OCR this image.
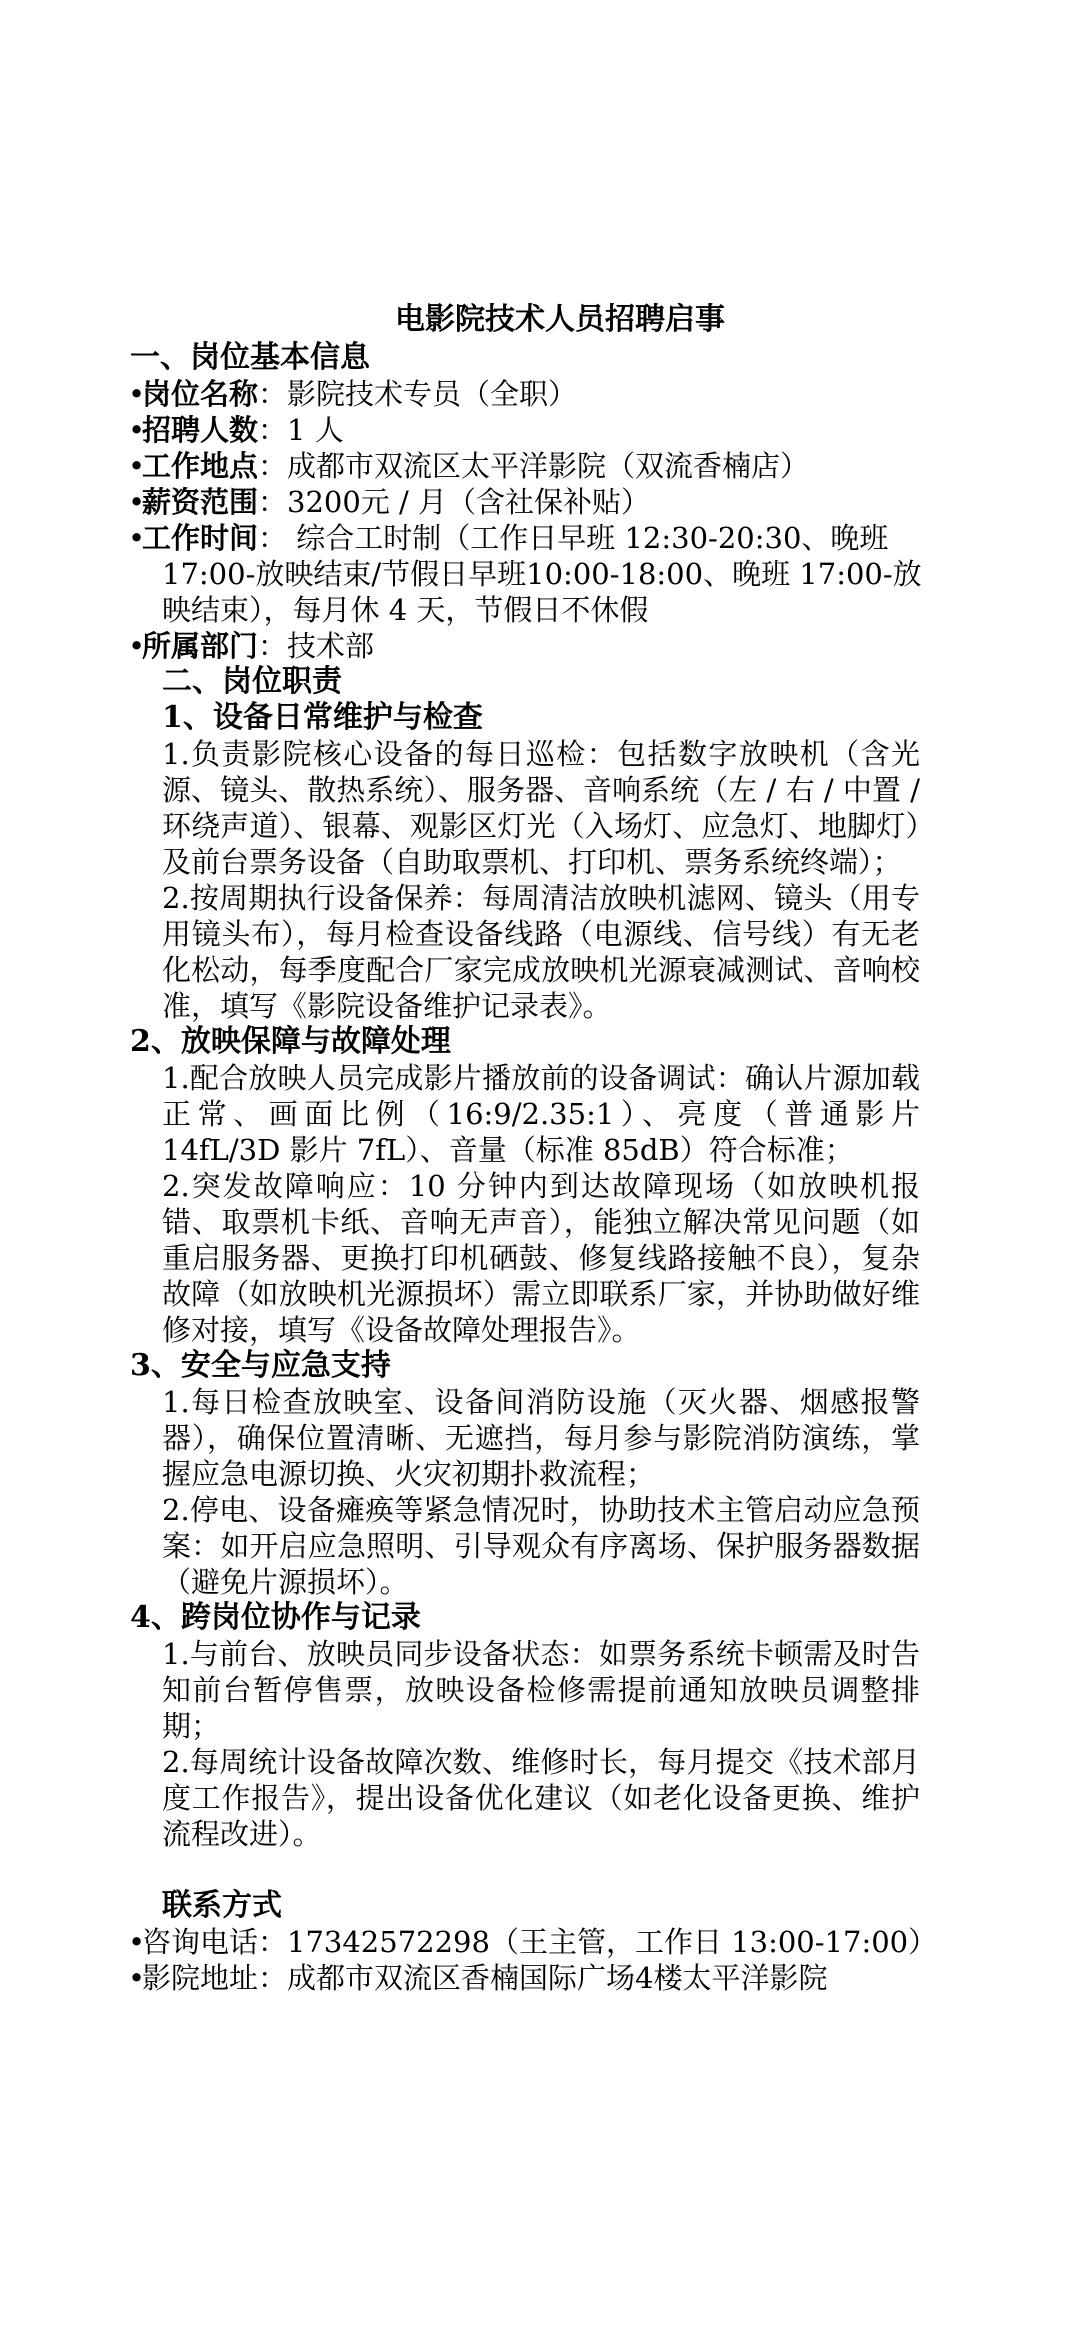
电影院技术人员招聘启事

一、岗位基本信息

•
岗位名称：影院技术专员（全职）
•
招聘人数：1 人
•
工作地点：成都市双流区太平洋影院（双流香楠店）
•
薪资范围：3200元 / 月（含社保补贴）
•
工作时间： 综合工时制（工作日早班 12:30-20:30、晚班 17:00-放映结束/节假日早班10:00-18:00、晚班 17:00-放映结束），每月休 4 天，节假日不休假
•
所属部门：技术部

二、岗位职责

1、设备日常维护与检查

1.负责影院核心设备的每日巡检：包括数字放映机（含光源、镜头、散热系统）、服务器、音响系统（左 / 右 / 中置 / 环绕声道）、银幕、观影区灯光（入场灯、应急灯、地脚灯）及前台票务设备（自助取票机、打印机、票务系统终端）；

2.按周期执行设备保养：每周清洁放映机滤网、镜头（用专用镜头布），每月检查设备线路（电源线、信号线）有无老化松动，每季度配合厂家完成放映机光源衰减测试、音响校准，填写《影院设备维护记录表》。

2、放映保障与故障处理

1.配合放映人员完成影片播放前的设备调试：确认片源加载正常、画面比例（16:9/2.35:1）、亮度（普通影片 14fL/3D 影片 7fL）、音量（标准 85dB）符合标准；

2.突发故障响应：10 分钟内到达故障现场（如放映机报错、取票机卡纸、音响无声音），能独立解决常见问题（如重启服务器、更换打印机硒鼓、修复线路接触不良），复杂故障（如放映机光源损坏）需立即联系厂家，并协助做好维修对接，填写《设备故障处理报告》。

3、安全与应急支持

1.每日检查放映室、设备间消防设施（灭火器、烟感报警器），确保位置清晰、无遮挡，每月参与影院消防演练，掌握应急电源切换、火灾初期扑救流程；

2.停电、设备瘫痪等紧急情况时，协助技术主管启动应急预案：如开启应急照明、引导观众有序离场、保护服务器数据（避免片源损坏）。

4、跨岗位协作与记录

1.与前台、放映员同步设备状态：如票务系统卡顿需及时告知前台暂停售票，放映设备检修需提前通知放映员调整排期；

2.每周统计设备故障次数、维修时长，每月提交《技术部月度工作报告》，提出设备优化建议（如老化设备更换、维护流程改进）。

联系方式

•
咨询电话：17342572298（王主管，工作日 13:00-17:00）
•
影院地址：成都市双流区香楠国际广场4楼太平洋影院
